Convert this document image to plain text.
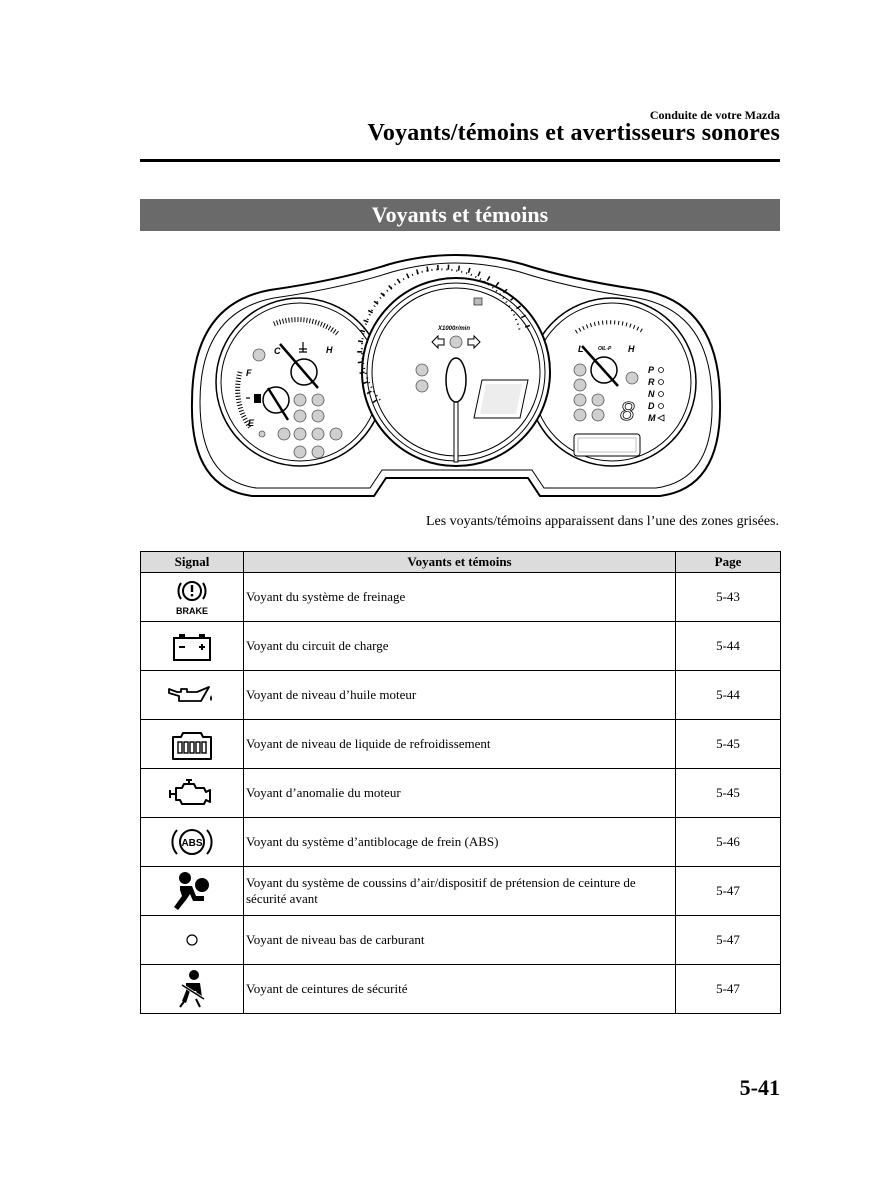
Conduite de votre Mazda
Voyants/témoins et avertisseurs sonores
Voyants et témoins
C	H
F
E
L	H
OIL-P
P
R
N
D
M
8
X1000r/min
Les voyants/témoins apparaissent dans l’une des zones grisées.
Signal	Voyants et témoins	Page

BRAKE	Voyant du système de freinage	5-43

	Voyant du circuit de charge	5-44

	Voyant de niveau d’huile moteur	5-44

	Voyant de niveau de liquide de refroidissement	5-45

	Voyant d’anomalie du moteur	5-45

ABS	Voyant du système d’antiblocage de frein (ABS)	5-46

	Voyant du système de coussins d’air/dispositif de prétension de ceinture de sécurité avant	5-47

	Voyant de niveau bas de carburant	5-47

	Voyant de ceintures de sécurité	5-47
5-41
